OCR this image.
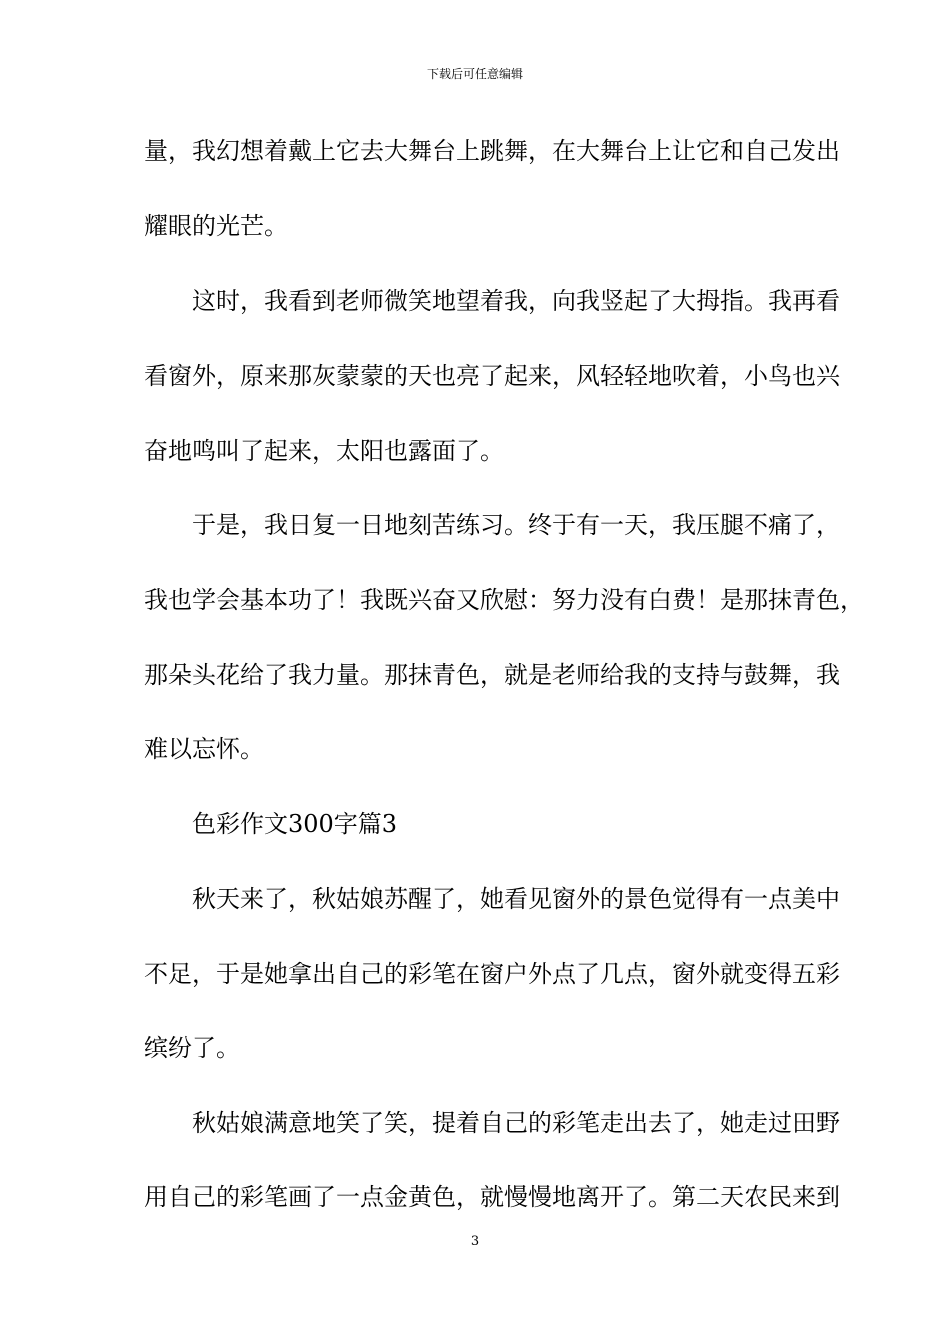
下载后可任意编辑
量，我幻想着戴上它去大舞台上跳舞，在大舞台上让它和自己发出
耀眼的光芒。
这时，我看到老师微笑地望着我，向我竖起了大拇指。我再看
看窗外，原来那灰蒙蒙的天也亮了起来，风轻轻地吹着，小鸟也兴
奋地鸣叫了起来，太阳也露面了。
于是，我日复一日地刻苦练习。终于有一天，我压腿不痛了，
我也学会基本功了！我既兴奋又欣慰：努力没有白费！是那抹青色，
那朵头花给了我力量。那抹青色，就是老师给我的支持与鼓舞，我
难以忘怀。
色彩作文300字篇3
秋天来了，秋姑娘苏醒了，她看见窗外的景色觉得有一点美中
不足，于是她拿出自己的彩笔在窗户外点了几点，窗外就变得五彩
缤纷了。
秋姑娘满意地笑了笑，提着自己的彩笔走出去了，她走过田野
用自己的彩笔画了一点金黄色，就慢慢地离开了。第二天农民来到
3
